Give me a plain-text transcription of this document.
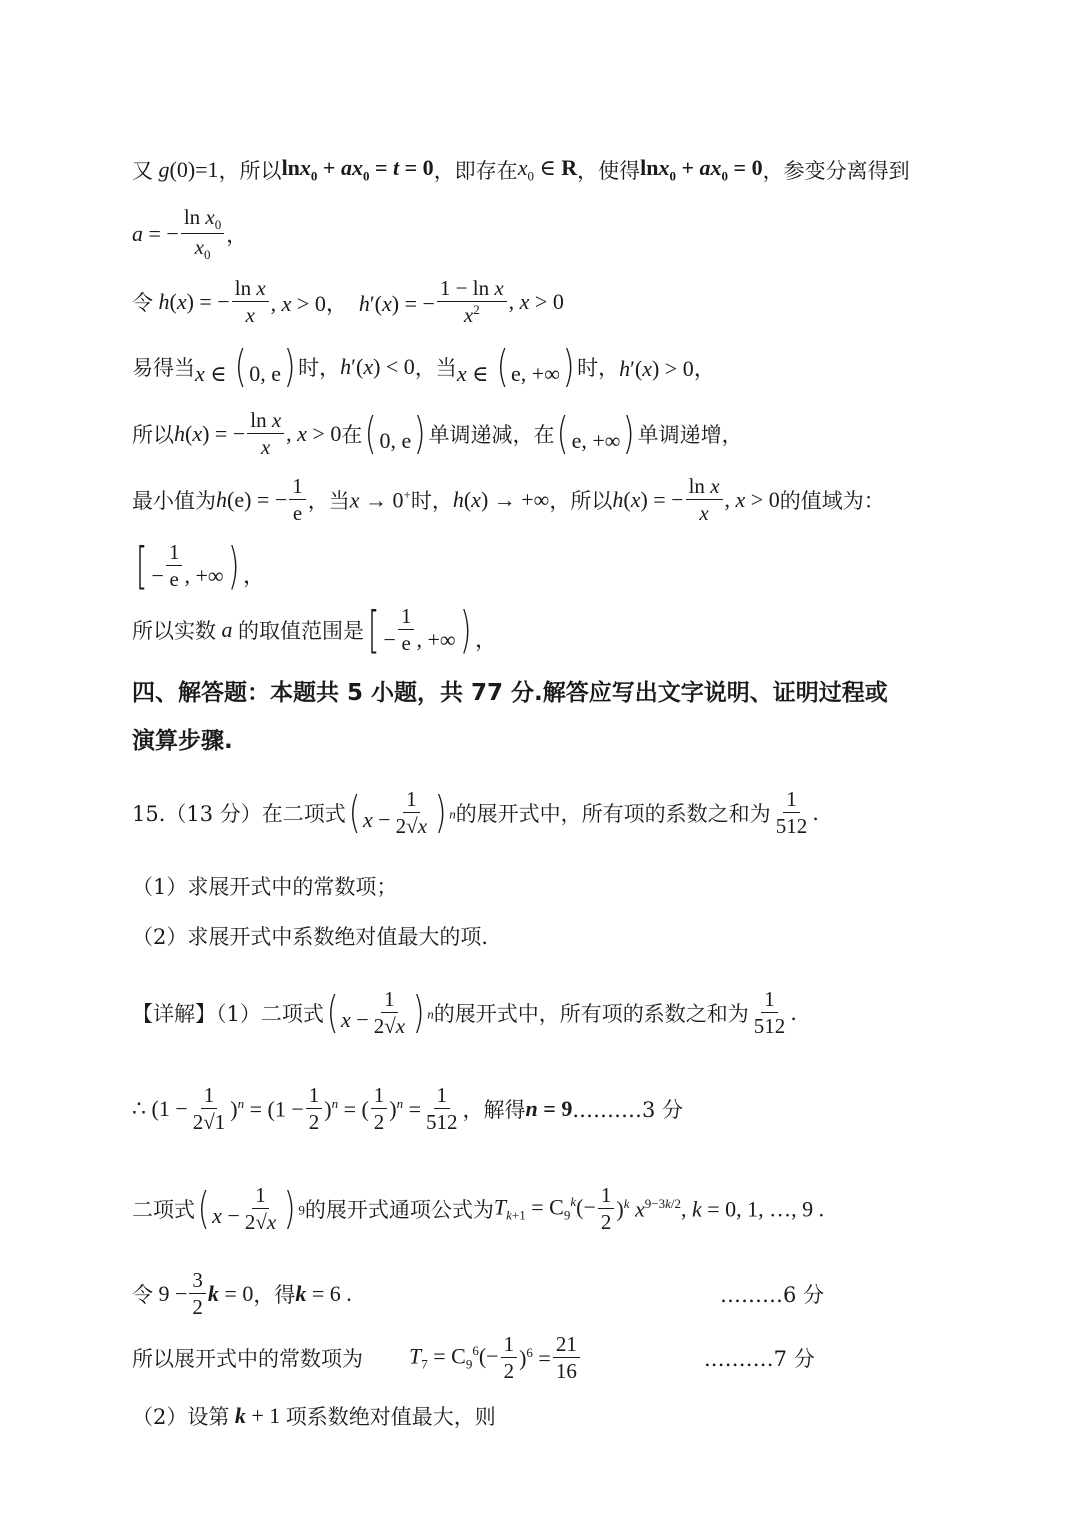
又 g(0)=1 ，所以 $\ln x_0 + ax_0 = t = 0$ ，即存在 $x_0$ ∈ R ，使得 $\ln x_0 + ax_0 = 0$ ，参变分离得到
a = − $\frac{\ln x_0}{x_0}$ ，
令 h(x) = − $\frac{\text{ln x}}{x}$ , x > 0，  h′(x) = − $\frac{\text{1 − ln x}}{x^2}$ , x > 0
易得当 x ∈ ( 0, e) 时， h′(x) < 0 ，当 x ∈ ( e, +∞) 时， h′(x) > 0，
所以 h(x) = − $\frac{\text{ln x}}{x}$ , x > 0 在 ( 0, e) 单调递减，在 ( e, +∞) 单调递增，
最小值为 h(e) = − $\frac{1}{e}$ ，当 x → 0+ 时， h(x) → +∞ ，所以 h(x) = − $\frac{\text{ln x}}{x}$ , x > 0 的值域为：
[ − $\frac{1}{e}$ , +∞) ，
所以实数 a 的取值范围是 [ − $\frac{1}{e}$ , +∞) ，
四、解答题：本题共 5 小题，共 77 分.解答应写出文字说明、证明过程或
演算步骤.
15.（13 分）在二项式 ( $x - \frac{1}{2√x}$ ) $^n$ 的展开式中，所有项的系数之和为 $\frac{1}{512}$ .
（1）求展开式中的常数项；
（2）求展开式中系数绝对值最大的项.
【详解】（1）二项式 ( $x - \frac{1}{2√x}$ ) $^n$ 的展开式中，所有项的系数之和为 $\frac{1}{512}$ .
∴ $(1 - \frac{1}{2√1} )^n = (1 - \frac{1}{2} )^n$ = ( $\frac{1}{2} )^n = \frac{1}{512}$ ，解得 n = 9 .………3 分
二项式 ( $x - \frac{1}{2√x}$ ) $^9$ 的展开式通项公式为 $T_{k+1} = C_9^k(- \frac{1}{2} )^k$ $x^{9-3k/2}$, k = 0, 1, …, 9 .
令 $9 - \frac{3}{2}$ k = 0 ，得 k = 6 .	………6 分
所以展开式中的常数项为 $T_7 = C_9^6(- \frac{1}{2} )^6 = \frac{21}{16}$	.………7 分
（2）设第 k + 1 项系数绝对值最大，则
